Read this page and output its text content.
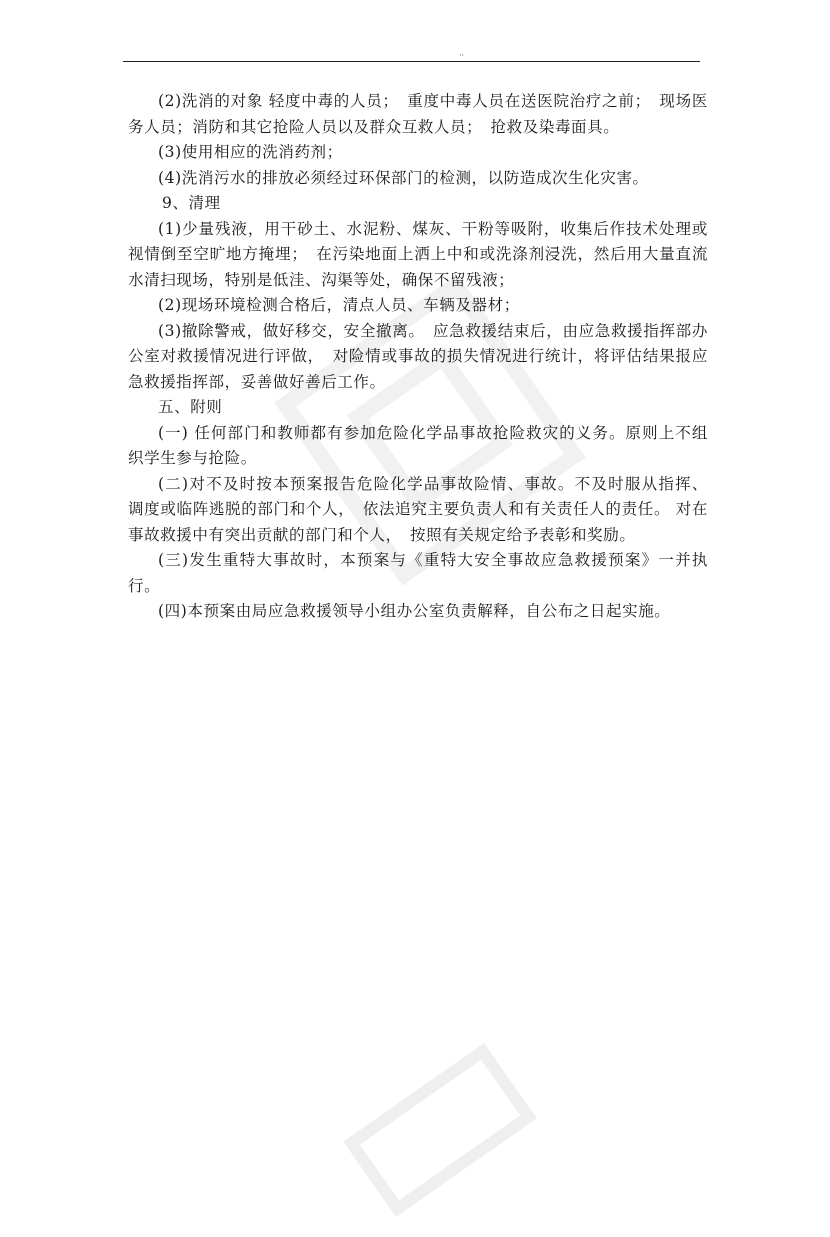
··

(2)洗消的对象 轻度中毒的人员；　重度中毒人员在送医院治疗之前；　现场医务人员；消防和其它抢险人员以及群众互救人员；　抢救及染毒面具。

(3)使用相应的洗消药剂；

(4)洗消污水的排放必须经过环保部门的检测，以防造成次生化灾害。

9、清理

(1)少量残液，用干砂土、水泥粉、煤灰、干粉等吸附，收集后作技术处理或视情倒至空旷地方掩埋；　在污染地面上洒上中和或洗涤剂浸洗，然后用大量直流水清扫现场，特别是低洼、沟渠等处，确保不留残液；

(2)现场环境检测合格后，清点人员、车辆及器材；

(3)撤除警戒，做好移交，安全撤离。　应急救援结束后，由应急救援指挥部办公室对救援情况进行评做，　对险情或事故的损失情况进行统计，将评估结果报应急救援指挥部，妥善做好善后工作。

五、附则

(一) 任何部门和教师都有参加危险化学品事故抢险救灾的义务。原则上不组织学生参与抢险。

(二)对不及时按本预案报告危险化学品事故险情、事故。不及时服从指挥、 调度或临阵逃脱的部门和个人，　依法追究主要负责人和有关责任人的责任。 对在事故救援中有突出贡献的部门和个人，　按照有关规定给予表彰和奖励。

(三)发生重特大事故时，本预案与《重特大安全事故应急救援预案》一并执行。

(四)本预案由局应急救援领导小组办公室负责解释，自公布之日起实施。
